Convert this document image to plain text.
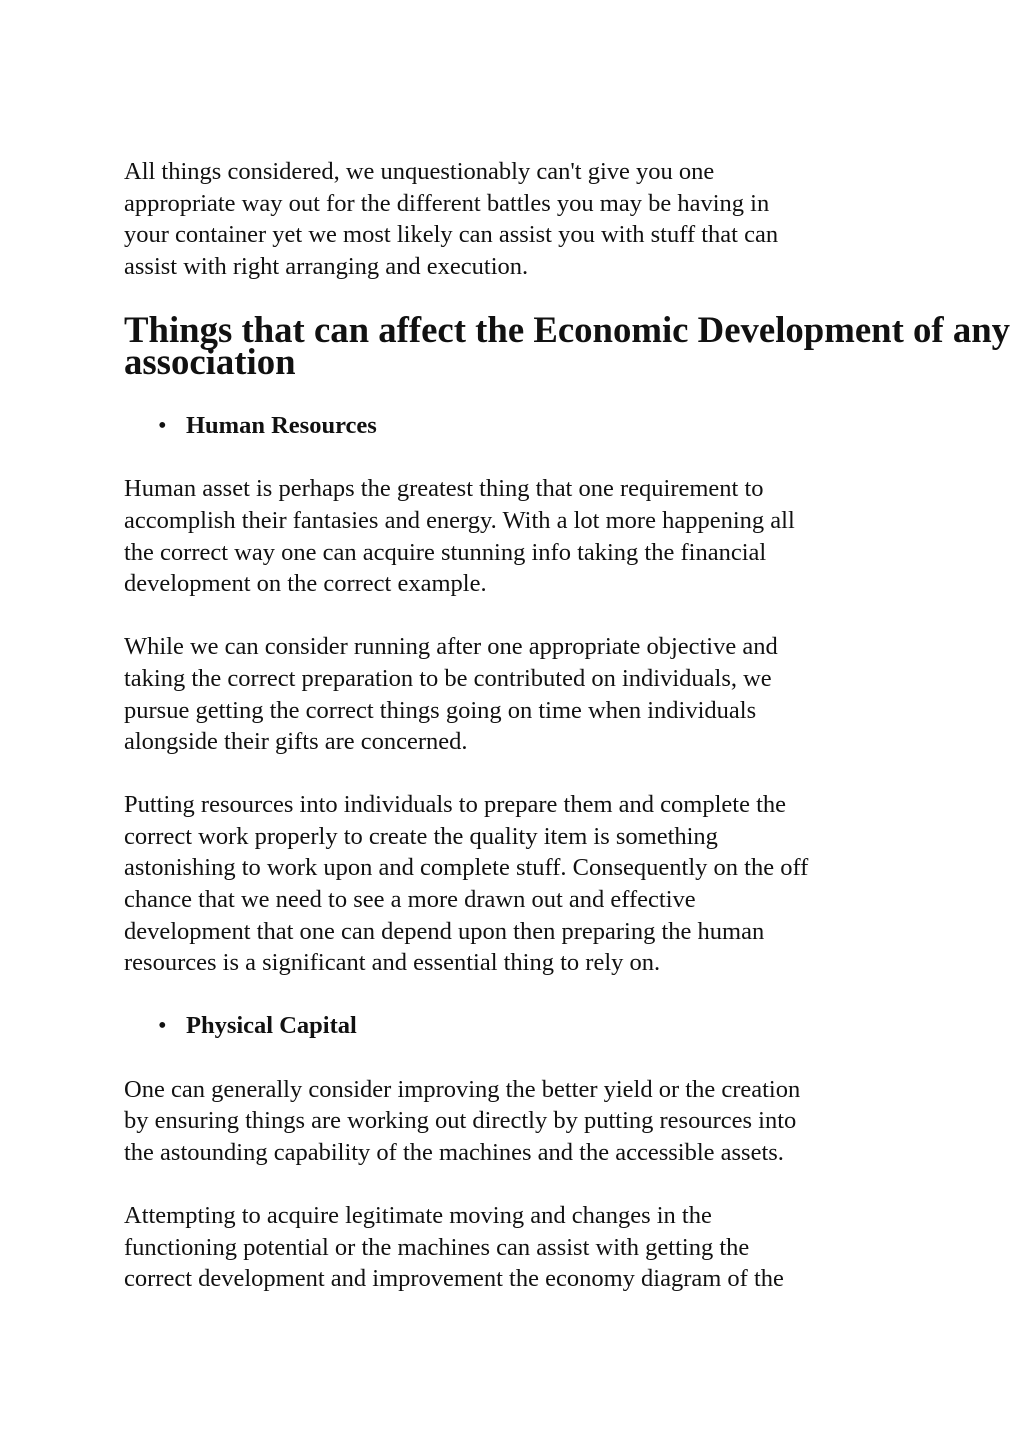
All things considered, we unquestionably can't give you one
appropriate way out for the different battles you may be having in
your container yet we most likely can assist you with stuff that can
assist with right arranging and execution.

Things that can affect the Economic Development of any
association
• Human Resources

Human asset is perhaps the greatest thing that one requirement to
accomplish their fantasies and energy. With a lot more happening all
the correct way one can acquire stunning info taking the financial
development on the correct example.

While we can consider running after one appropriate objective and
taking the correct preparation to be contributed on individuals, we
pursue getting the correct things going on time when individuals
alongside their gifts are concerned.

Putting resources into individuals to prepare them and complete the
correct work properly to create the quality item is something
astonishing to work upon and complete stuff. Consequently on the off
chance that we need to see a more drawn out and effective
development that one can depend upon then preparing the human
resources is a significant and essential thing to rely on.

• Physical Capital

One can generally consider improving the better yield or the creation
by ensuring things are working out directly by putting resources into
the astounding capability of the machines and the accessible assets.

Attempting to acquire legitimate moving and changes in the
functioning potential or the machines can assist with getting the
correct development and improvement the economy diagram of the
